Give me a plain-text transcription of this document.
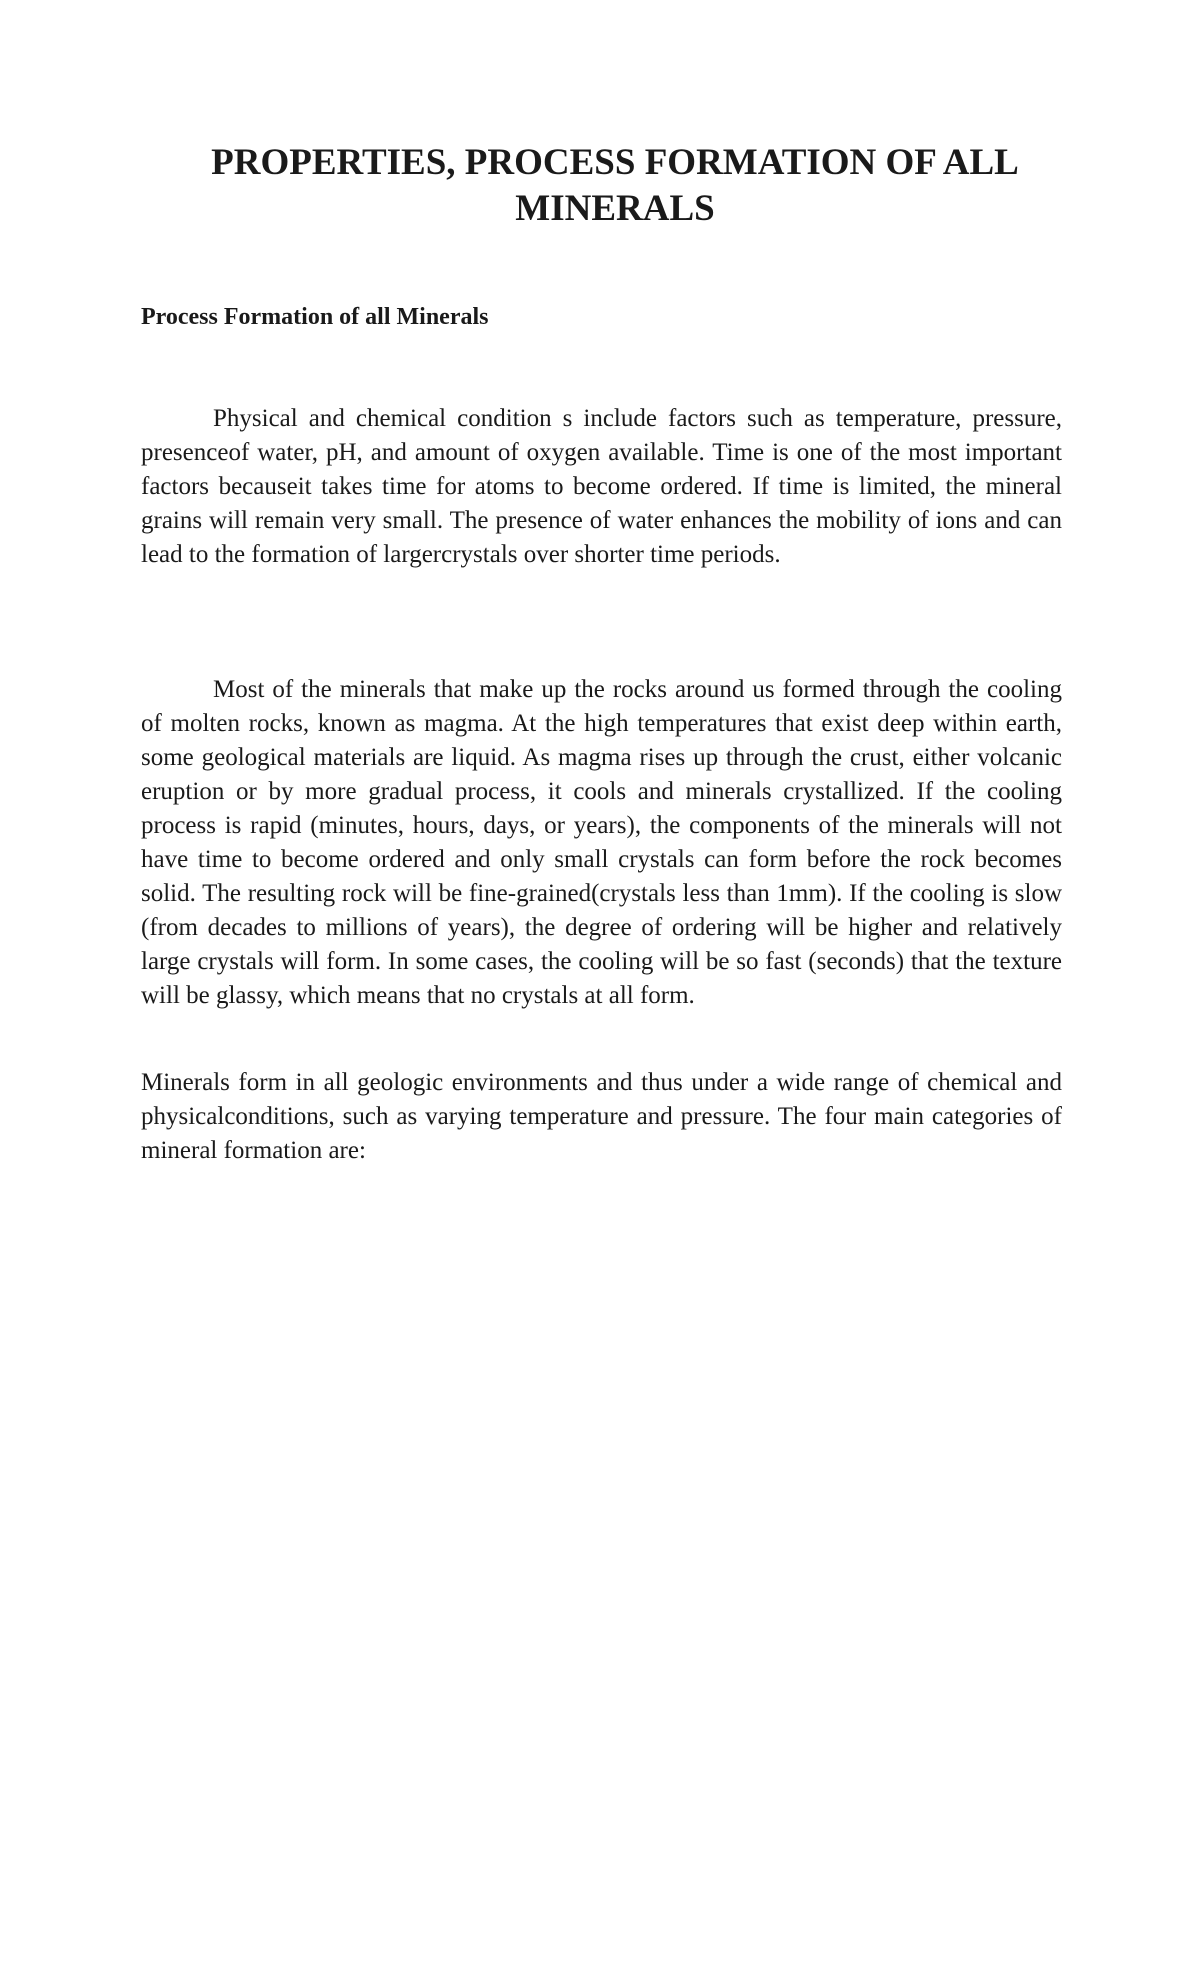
PROPERTIES, PROCESS FORMATION OF ALL MINERALS
Process Formation of all Minerals

Physical and chemical condition s include factors such as temperature, pressure, presenceof water, pH, and amount of oxygen available. Time is one of the most important factors becauseit takes time for atoms to become ordered. If time is limited, the mineral grains will remain very small. The presence of water enhances the mobility of ions and can lead to the formation of largercrystals over shorter time periods.

Most of the minerals that make up the rocks around us formed through the cooling of molten rocks, known as magma. At the high temperatures that exist deep within earth, some geological materials are liquid. As magma rises up through the crust, either volcanic eruption or by more gradual process, it cools and minerals crystallized. If the cooling process is rapid (minutes, hours, days, or years), the components of the minerals will not have time to become ordered and only small crystals can form before the rock becomes solid. The resulting rock will be fine-grained(crystals less than 1mm). If the cooling is slow (from decades to millions of years), the degree of ordering will be higher and relatively large crystals will form. In some cases, the cooling will be so fast (seconds) that the texture will be glassy, which means that no crystals at all form.

Minerals form in all geologic environments and thus under a wide range of chemical and physicalconditions, such as varying temperature and pressure. The four main categories of mineral formation are:
